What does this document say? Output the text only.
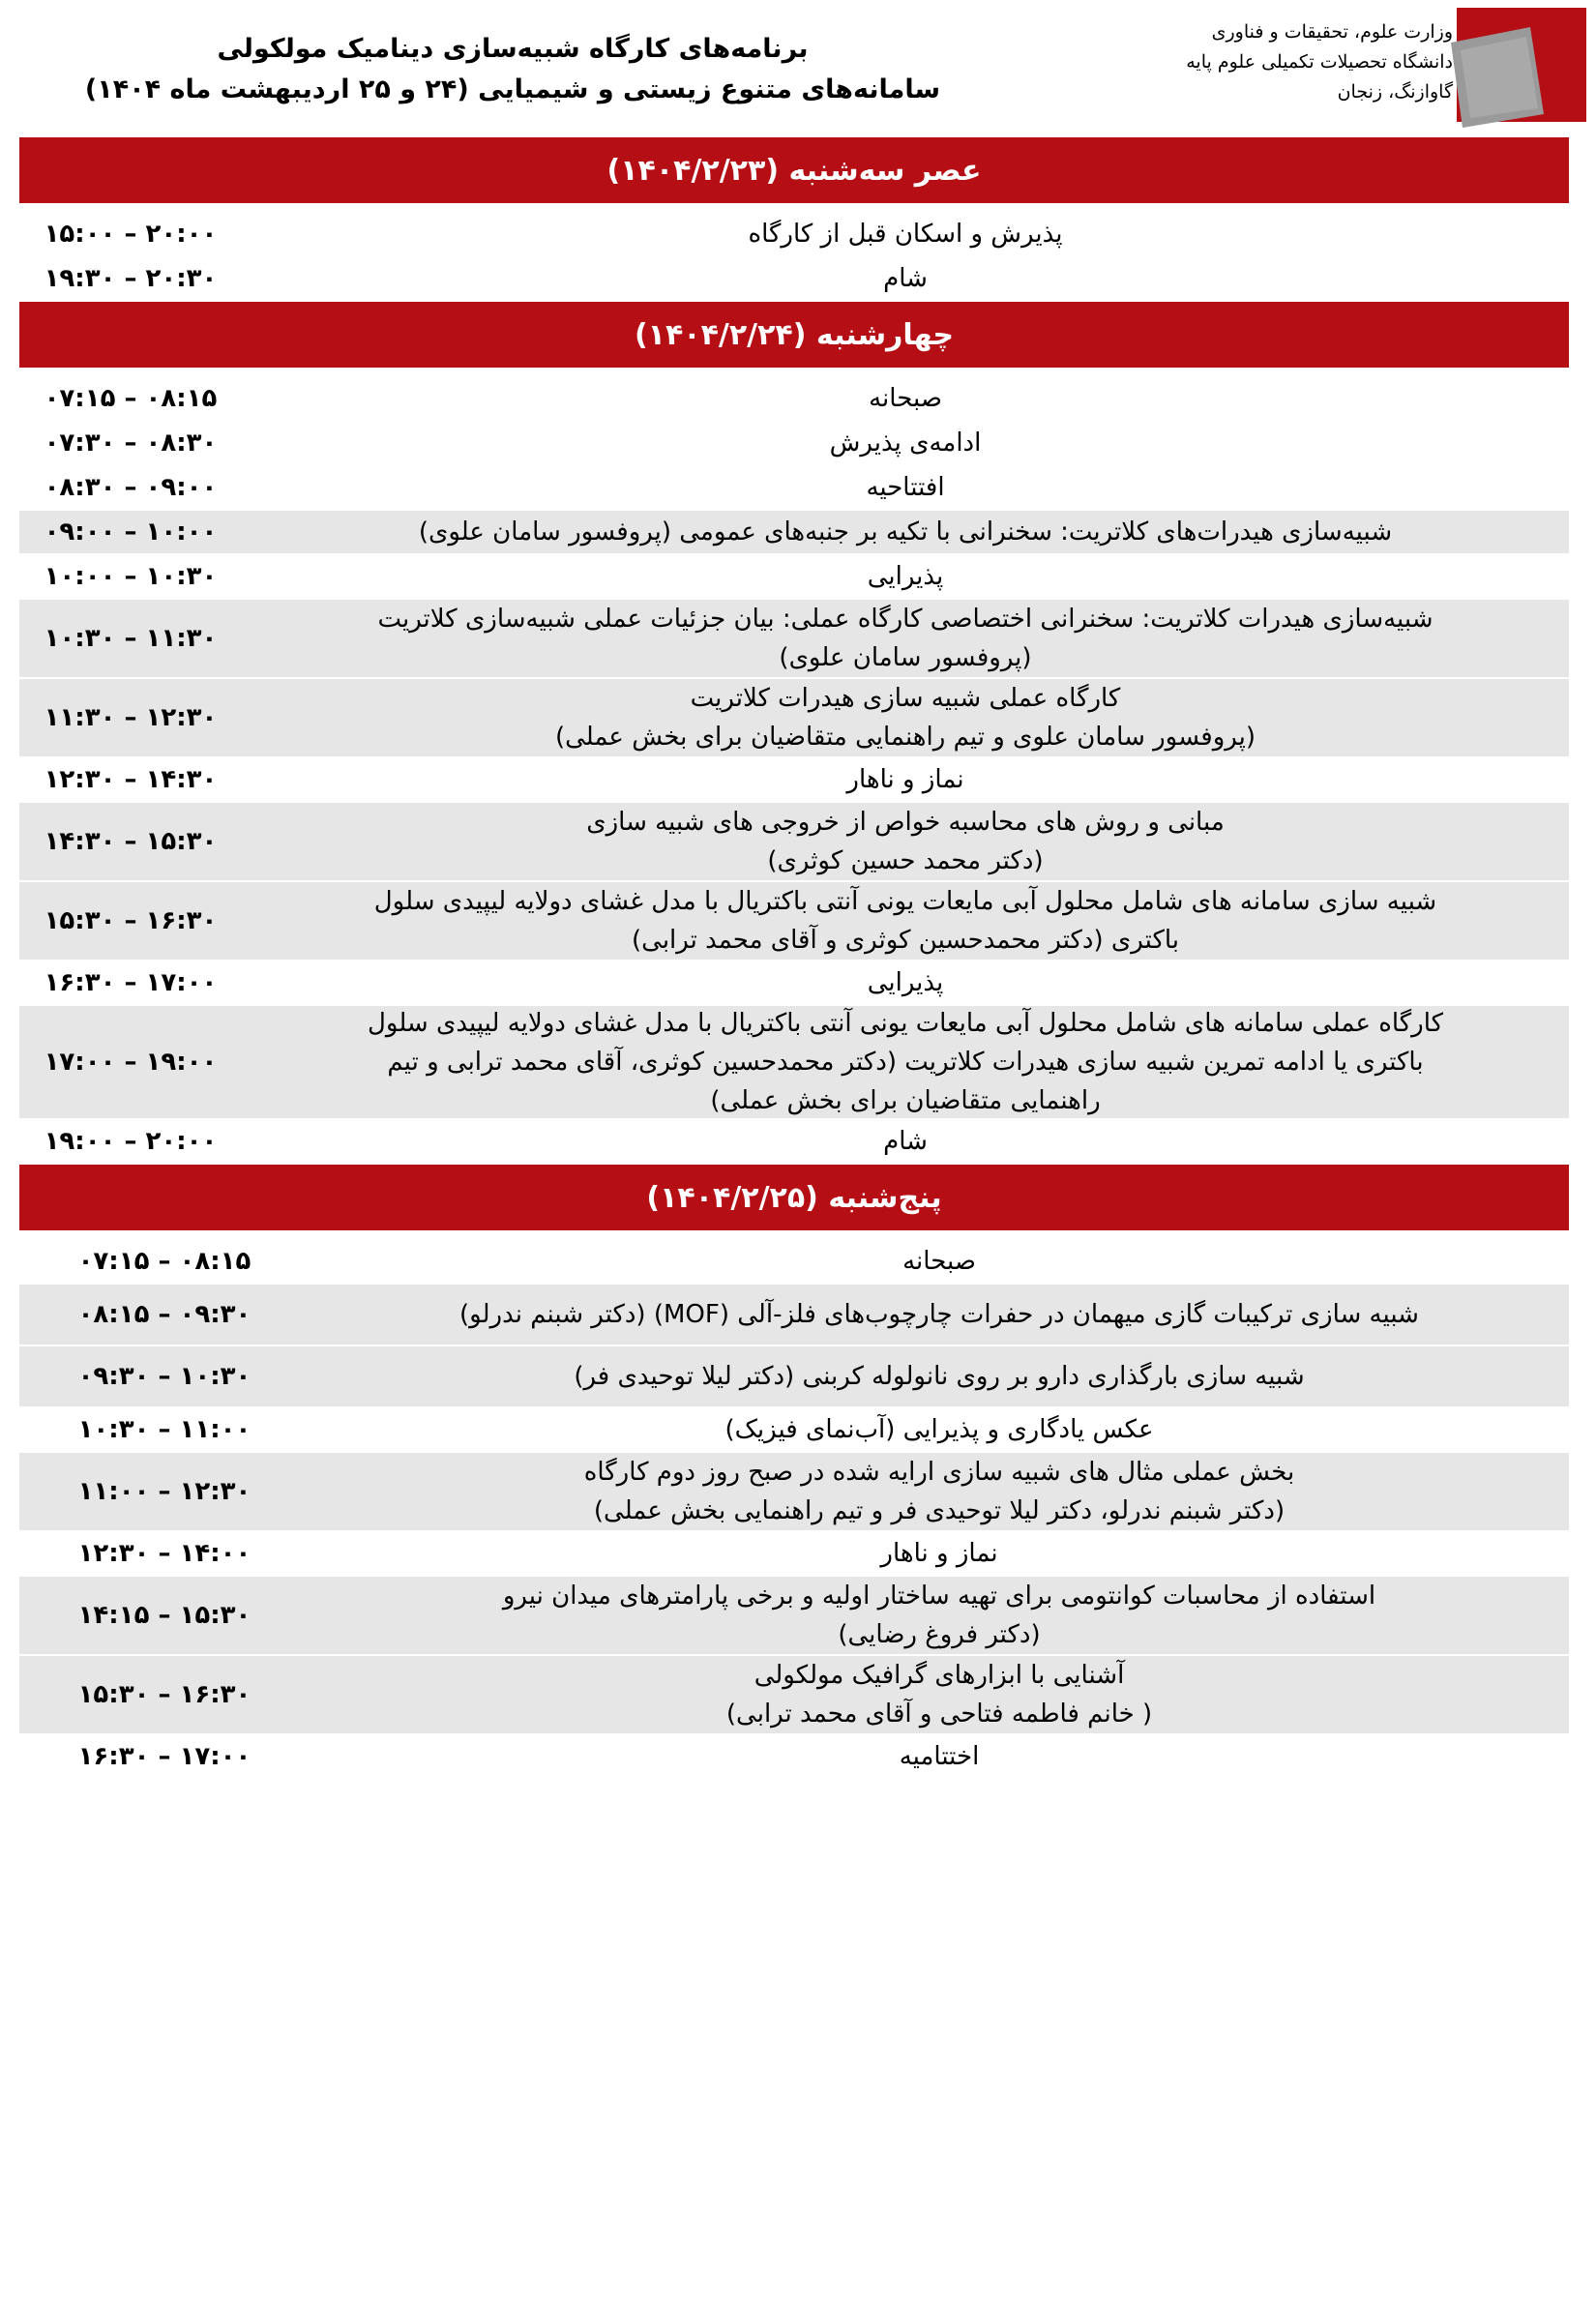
وزارت علوم، تحقیقات و فناوری
دانشگاه تحصیلات تکمیلی علوم پایه
گاوازنگ، زنجان
برنامه‌های کارگاه شبیه‌سازی دینامیک مولکولی
سامانه‌های متنوع زیستی و شیمیایی (۲۴ و ۲۵ اردیبهشت ماه ۱۴۰۴)
عصر سه‌شنبه (۱۴۰۴/۲/۲۳)
پذیرش و اسکان قبل از کارگاه
۱۵:۰۰ – ۲۰:۰۰
شام
۱۹:۳۰ – ۲۰:۳۰
چهارشنبه (۱۴۰۴/۲/۲۴)
صبحانه
۰۷:۱۵ – ۰۸:۱۵
ادامه‌ی پذیرش
۰۷:۳۰ – ۰۸:۳۰
افتتاحیه
۰۸:۳۰ – ۰۹:۰۰
شبیه‌سازی هیدرات‌های کلاتریت: سخنرانی با تکیه بر جنبه‌های عمومی (پروفسور سامان علوی)
۰۹:۰۰ – ۱۰:۰۰
پذیرایی
۱۰:۰۰ – ۱۰:۳۰
شبیه‌سازی هیدرات کلاتریت: سخنرانی اختصاصی کارگاه عملی: بیان جزئیات عملی شبیه‌سازی کلاتریت
(پروفسور سامان علوی)
۱۰:۳۰ – ۱۱:۳۰
کارگاه عملی شبیه سازی هیدرات کلاتریت
(پروفسور سامان علوی و تیم راهنمایی متقاضیان برای بخش عملی)
۱۱:۳۰ – ۱۲:۳۰
نماز و ناهار
۱۲:۳۰ – ۱۴:۳۰
مبانی و روش های محاسبه خواص از خروجی های شبیه سازی
(دکتر محمد حسین کوثری)
۱۴:۳۰ – ۱۵:۳۰
شبیه سازی سامانه های شامل محلول آبی مایعات یونی آنتی باکتریال با مدل غشای دولایه لیپیدی سلول
باکتری (دکتر محمدحسین کوثری و آقای محمد ترابی)
۱۵:۳۰ – ۱۶:۳۰
پذیرایی
۱۶:۳۰ – ۱۷:۰۰
کارگاه عملی سامانه های شامل محلول آبی مایعات یونی آنتی باکتریال با مدل غشای دولایه لیپیدی سلول
باکتری یا ادامه تمرین شبیه سازی هیدرات کلاتریت (دکتر محمدحسین کوثری، آقای محمد ترابی و تیم
راهنمایی متقاضیان برای بخش عملی)
۱۷:۰۰ – ۱۹:۰۰
شام
۱۹:۰۰ – ۲۰:۰۰
پنج‌شنبه (۱۴۰۴/۲/۲۵)
صبحانه
۰۷:۱۵ – ۰۸:۱۵
شبیه سازی ترکیبات گازی میهمان در حفرات چارچوب‌های فلز-آلی (MOF) (دکتر شبنم ندرلو)
۰۸:۱۵ – ۰۹:۳۰
شبیه سازی بارگذاری دارو بر روی نانولوله کربنی (دکتر لیلا توحیدی فر)
۰۹:۳۰ – ۱۰:۳۰
عکس یادگاری و پذیرایی (آب‌نمای فیزیک)
۱۰:۳۰ – ۱۱:۰۰
بخش عملی مثال های شبیه سازی ارایه شده در صبح روز دوم کارگاه
(دکتر شبنم ندرلو، دکتر لیلا توحیدی فر و تیم راهنمایی بخش عملی)
۱۱:۰۰ – ۱۲:۳۰
نماز و ناهار
۱۲:۳۰ – ۱۴:۰۰
استفاده از محاسبات کوانتومی برای تهیه ساختار اولیه و برخی پارامترهای میدان نیرو
(دکتر فروغ رضایی)
۱۴:۱۵ – ۱۵:۳۰
آشنایی با ابزارهای گرافیک مولکولی
( خانم فاطمه فتاحی و آقای محمد ترابی)
۱۵:۳۰ – ۱۶:۳۰
اختتامیه
۱۶:۳۰ – ۱۷:۰۰
